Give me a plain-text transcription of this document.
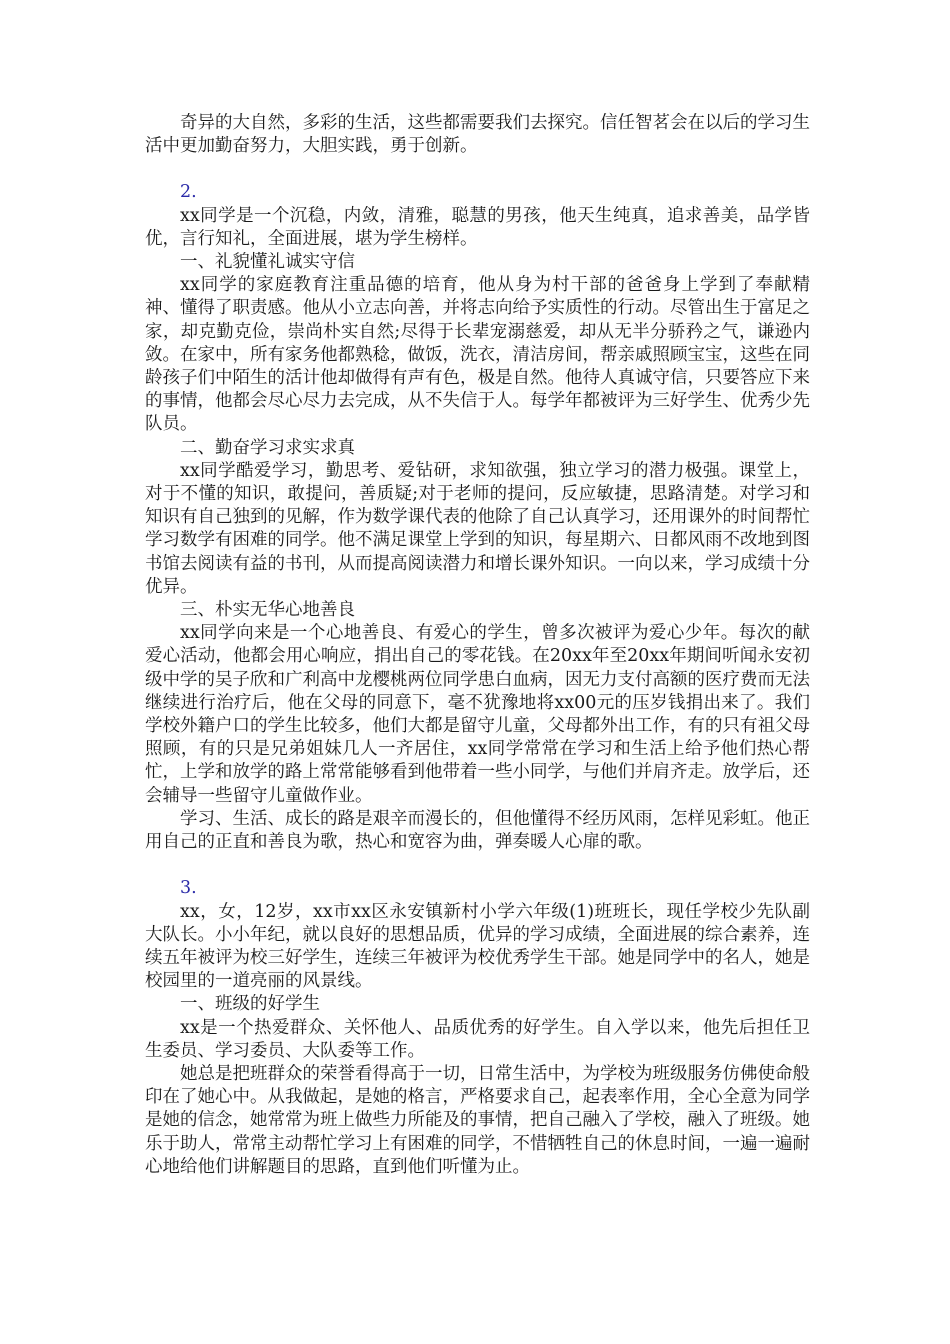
奇异的大自然，多彩的生活，这些都需要我们去探究。信任智茗会在以后的学习生活中更加勤奋努力，大胆实践，勇于创新。

2.

xx同学是一个沉稳，内敛，清雅，聪慧的男孩，他天生纯真，追求善美，品学皆优，言行知礼，全面进展，堪为学生榜样。

一、礼貌懂礼诚实守信

xx同学的家庭教育注重品德的培育，他从身为村干部的爸爸身上学到了奉献精神、懂得了职责感。他从小立志向善，并将志向给予实质性的行动。尽管出生于富足之家，却克勤克俭，崇尚朴实自然;尽得于长辈宠溺慈爱，却从无半分骄矜之气，谦逊内敛。在家中，所有家务他都熟稔，做饭，洗衣，清洁房间，帮亲戚照顾宝宝，这些在同龄孩子们中陌生的活计他却做得有声有色，极是自然。他待人真诚守信，只要答应下来的事情，他都会尽心尽力去完成，从不失信于人。每学年都被评为三好学生、优秀少先队员。

二、勤奋学习求实求真

xx同学酷爱学习，勤思考、爱钻研，求知欲强，独立学习的潜力极强。课堂上，对于不懂的知识，敢提问，善质疑;对于老师的提问，反应敏捷，思路清楚。对学习和知识有自己独到的见解，作为数学课代表的他除了自己认真学习，还用课外的时间帮忙学习数学有困难的同学。他不满足课堂上学到的知识，每星期六、日都风雨不改地到图书馆去阅读有益的书刊，从而提高阅读潜力和增长课外知识。一向以来，学习成绩十分优异。

三、朴实无华心地善良

xx同学向来是一个心地善良、有爱心的学生，曾多次被评为爱心少年。每次的献爱心活动，他都会用心响应，捐出自己的零花钱。在20xx年至20xx年期间听闻永安初级中学的吴子欣和广利高中龙樱桃两位同学患白血病，因无力支付高额的医疗费而无法继续进行治疗后，他在父母的同意下，毫不犹豫地将xx00元的压岁钱捐出来了。我们学校外籍户口的学生比较多，他们大都是留守儿童，父母都外出工作，有的只有祖父母照顾，有的只是兄弟姐妹几人一齐居住，xx同学常常在学习和生活上给予他们热心帮忙，上学和放学的路上常常能够看到他带着一些小同学，与他们并肩齐走。放学后，还会辅导一些留守儿童做作业。

学习、生活、成长的路是艰辛而漫长的，但他懂得不经历风雨，怎样见彩虹。他正用自己的正直和善良为歌，热心和宽容为曲，弹奏暖人心扉的歌。

3.

xx，女，12岁，xx市xx区永安镇新村小学六年级(1)班班长，现任学校少先队副大队长。小小年纪，就以良好的思想品质，优异的学习成绩，全面进展的综合素养，连续五年被评为校三好学生，连续三年被评为校优秀学生干部。她是同学中的名人，她是校园里的一道亮丽的风景线。

一、班级的好学生

xx是一个热爱群众、关怀他人、品质优秀的好学生。自入学以来，他先后担任卫生委员、学习委员、大队委等工作。

她总是把班群众的荣誉看得高于一切，日常生活中，为学校为班级服务仿佛使命般印在了她心中。从我做起，是她的格言，严格要求自己，起表率作用，全心全意为同学是她的信念，她常常为班上做些力所能及的事情，把自己融入了学校，融入了班级。她乐于助人，常常主动帮忙学习上有困难的同学，不惜牺牲自己的休息时间，一遍一遍耐心地给他们讲解题目的思路，直到他们听懂为止。
